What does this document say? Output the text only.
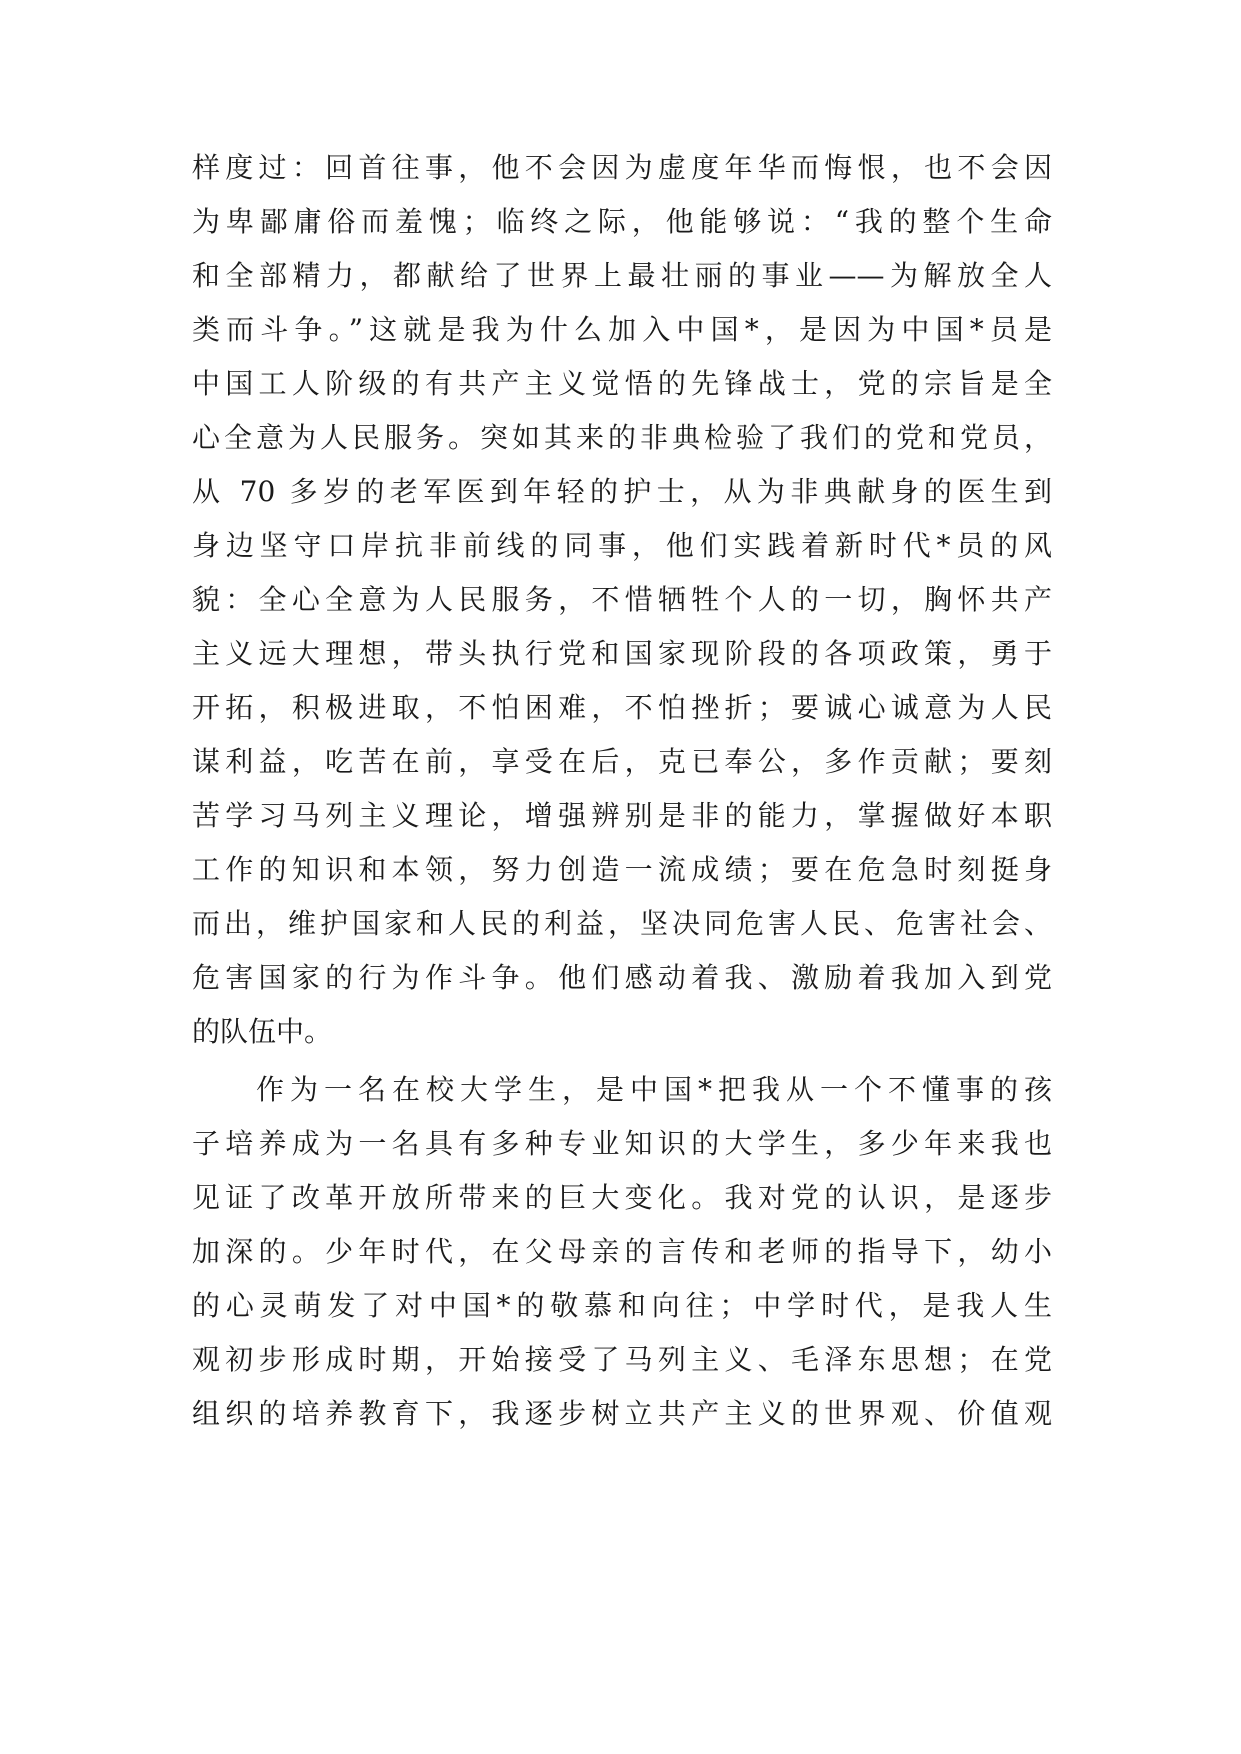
样度过：回首往事，他不会因为虚度年华而悔恨，也不会因
为卑鄙庸俗而羞愧；临终之际，他能够说：“我的整个生命
和全部精力，都献给了世界上最壮丽的事业——为解放全人
类而斗争。”这就是我为什么加入中国*，是因为中国*员是
中国工人阶级的有共产主义觉悟的先锋战士，党的宗旨是全
心全意为人民服务。突如其来的非典检验了我们的党和党员，
从 70 多岁的老军医到年轻的护士，从为非典献身的医生到
身边坚守口岸抗非前线的同事，他们实践着新时代*员的风
貌：全心全意为人民服务，不惜牺牲个人的一切，胸怀共产
主义远大理想，带头执行党和国家现阶段的各项政策，勇于
开拓，积极进取，不怕困难，不怕挫折；要诚心诚意为人民
谋利益，吃苦在前，享受在后，克已奉公，多作贡献；要刻
苦学习马列主义理论，增强辨别是非的能力，掌握做好本职
工作的知识和本领，努力创造一流成绩；要在危急时刻挺身
而出，维护国家和人民的利益，坚决同危害人民、危害社会、
危害国家的行为作斗争。他们感动着我、激励着我加入到党
的队伍中。
作为一名在校大学生，是中国*把我从一个不懂事的孩
子培养成为一名具有多种专业知识的大学生，多少年来我也
见证了改革开放所带来的巨大变化。我对党的认识，是逐步
加深的。少年时代，在父母亲的言传和老师的指导下，幼小
的心灵萌发了对中国*的敬慕和向往；中学时代，是我人生
观初步形成时期，开始接受了马列主义、毛泽东思想；在党
组织的培养教育下，我逐步树立共产主义的世界观、价值观
